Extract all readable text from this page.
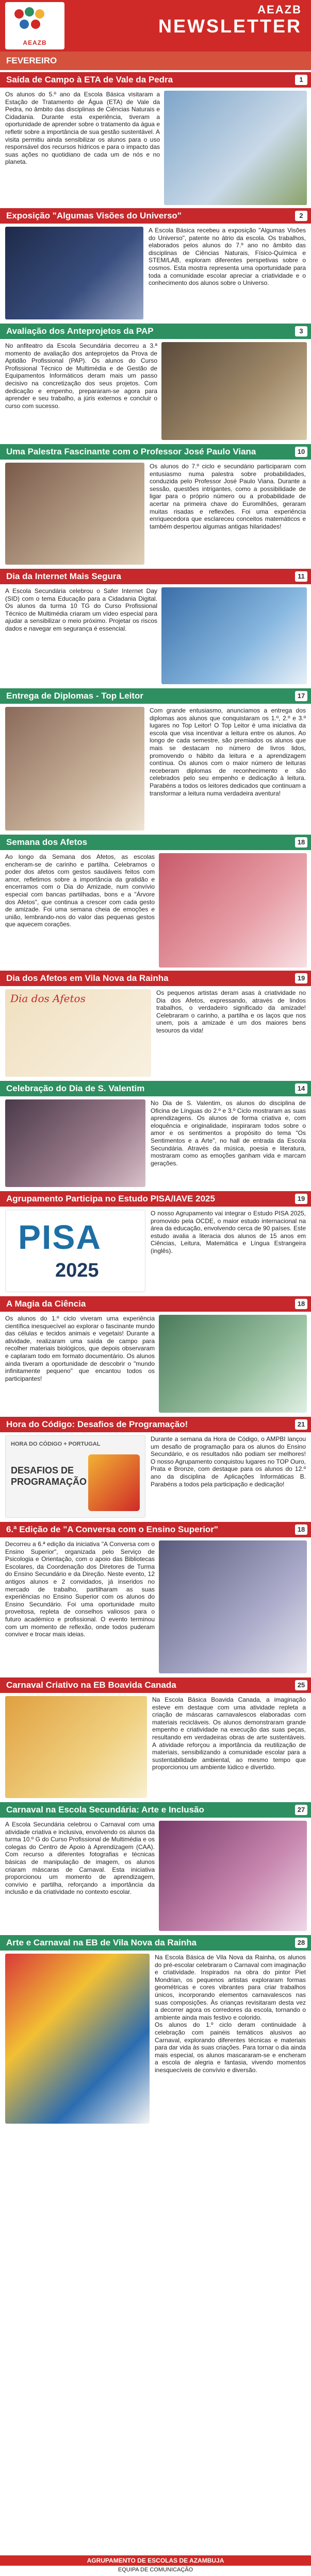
AEAZB
AEAZB
NEWSLETTER
FEVEREIRO
Saída de Campo à ETA de Vale da Pedra	1
Os alunos do 5.º ano da Escola Básica visitaram a Estação de Tratamento de Água (ETA) de Vale da Pedra, no âmbito das disciplinas de Ciências Naturais e Cidadania. Durante esta experiência, tiveram a oportunidade de aprender sobre o tratamento da água e refletir sobre a importância de sua gestão sustentável. A visita permitiu ainda sensibilizar os alunos para o uso responsável dos recursos hídricos e para o impacto das suas ações no quotidiano de cada um de nós e no planeta.
Exposição "Algumas Visões do Universo"	2
A Escola Básica recebeu a exposição "Algumas Visões do Universo", patente no átrio da escola. Os trabalhos, elaborados pelos alunos do 7.º ano no âmbito das disciplinas de Ciências Naturais, Físico-Química e STEM/LAB, exploram diferentes perspetivas sobre o cosmos. Esta mostra representa uma oportunidade para toda a comunidade escolar apreciar a criatividade e o conhecimento dos alunos sobre o Universo.
Avaliação dos Anteprojetos da PAP	3
No anfiteatro da Escola Secundária decorreu a 3.ª momento de avaliação dos anteprojetos da Prova de Aptidão Profissional (PAP). Os alunos do Curso Profissional Técnico de Multimédia e de Gestão de Equipamentos Informáticos deram mais um passo decisivo na concretização dos seus projetos. Com dedicação e empenho, prepararam-se agora para aprender e seu trabalho, a júris externos e concluir o curso com sucesso.
Uma Palestra Fascinante com o Professor José Paulo Viana	10
Os alunos do 7.º ciclo e secundário participaram com entusiasmo numa palestra sobre probabilidades, conduzida pelo Professor José Paulo Viana. Durante a sessão, questões intrigantes, como a possibilidade de ligar para o próprio número ou a probabilidade de acertar na primeira chave do Euromilhões, geraram muitas risadas e reflexões. Foi uma experiência enriquecedora que esclareceu conceitos matemáticos e também despertou algumas antigas hilaridades!
Dia da Internet Mais Segura	11
A Escola Secundária celebrou o Safer Internet Day (SID) com o tema Educação para a Cidadania Digital. Os alunos da turma 10 TG do Curso Profissional Técnico de Multimédia criaram um vídeo especial para ajudar a sensibilizar o meio próximo. Projetar os riscos dados e navegar em segurança é essencial.
Entrega de Diplomas - Top Leitor	17
Com grande entusiasmo, anunciamos a entrega dos diplomas aos alunos que conquistaram os 1.º, 2.º e 3.º lugares no Top Leitor! O Top Leitor é uma iniciativa da escola que visa incentivar a leitura entre os alunos. Ao longo de cada semestre, são premiados os alunos que mais se destacam no número de livros lidos, promovendo o hábito da leitura e a aprendizagem contínua. Os alunos com o maior número de leituras receberam diplomas de reconhecimento e são celebrados pelo seu empenho e dedicação à leitura. Parabéns a todos os leitores dedicados que continuam a transformar a leitura numa verdadeira aventura!
Semana dos Afetos	18
Ao longo da Semana dos Afetos, as escolas encheram-se de carinho e partilha. Celebramos o poder dos afetos com gestos saudáveis feitos com amor, refletimos sobre a importância da gratidão e encerramos com o Dia do Amizade, num convívio especial com bancas partilhadas, bons e a "Árvore dos Afetos", que continua a crescer com cada gesto de amizade. Foi uma semana cheia de emoções e união, lembrando-nos do valor das pequenas gestos que aquecem corações.
Dia dos Afetos em Vila Nova da Rainha	19
Dia dos Afetos	Os pequenos artistas deram asas à criatividade no Dia dos Afetos, expressando, através de lindos trabalhos, o verdadeiro significado da amizade! Celebraram o carinho, a partilha e os laços que nos unem, pois a amizade é um dos maiores bens tesouros da vida!
Celebração do Dia de S. Valentim	14
No Dia de S. Valentim, os alunos do disciplina de Oficina de Línguas do 2.º e 3.º Ciclo mostraram as suas aprendizagens. Os alunos de forma criativa e, com eloquência e originalidade, inspiraram todos sobre o amor e os sentimentos a propósito do tema "Os Sentimentos e a Arte", no hall de entrada da Escola Secundária. Através da música, poesia e literatura, mostraram como as emoções ganham vida e marcam gerações.
Agrupamento Participa no Estudo PISA/IAVE 2025	19
PISA
2025
O nosso Agrupamento vai integrar o Estudo PISA 2025, promovido pela OCDE, o maior estudo internacional na área da educação, envolvendo cerca de 90 países. Este estudo avalia a literacia dos alunos de 15 anos em Ciências, Leitura, Matemática e Língua Estrangeira (inglês).
A Magia da Ciência	18
Os alunos do 1.º ciclo viveram uma experiência científica inesquecível ao explorar o fascinante mundo das células e tecidos animais e vegetais! Durante a atividade, realizaram uma saída de campo para recolher materiais biológicos, que depois observaram e caplaram todo em formato documentário. Os alunos ainda tiveram a oportunidade de descobrir o "mundo infinitamente pequeno" que encantou todos os participantes!
Hora do Código: Desafios de Programação!	21
HORA DO CÓDIGO + PORTUGAL
DESAFIOS DE PROGRAMAÇÃO
Durante a semana da Hora de Código, o AMPBI lançou um desafio de programação para os alunos do Ensino Secundário, e os resultados não podiam ser melhores! O nosso Agrupamento conquistou lugares no TOP Ouro, Prata e Bronze, com destaque para os alunos do 12.º ano da disciplina de Aplicações Informáticas B. Parabéns a todos pela participação e dedicação!
6.ª Edição de "A Conversa com o Ensino Superior"	18
Decorreu a 6.ª edição da iniciativa "A Conversa com o Ensino Superior", organizada pelo Serviço de Psicologia e Orientação, com o apoio das Bibliotecas Escolares, da Coordenação dos Diretores de Turma do Ensino Secundário e da Direção. Neste evento, 12 antigos alunos e 2 convidados, já inseridos no mercado de trabalho, partilharam as suas experiências no Ensino Superior com os alunos do Ensino Secundário. Foi uma oportunidade muito proveitosa, repleta de conselhos valiosos para o futuro académico e profissional. O evento terminou com um momento de reflexão, onde todos puderam conviver e trocar mais ideias.
Carnaval Criativo na EB Boavida Canada	25
Na Escola Básica Boavida Canada, a imaginação esteve em destaque com uma atividade repleta a criação de máscaras carnavalescos elaboradas com materiais recicláveis. Os alunos demonstraram grande empenho e criatividade na execução das suas peças, resultando em verdadeiras obras de arte sustentáveis. A atividade reforçou a importância da reutilização de materiais, sensibilizando a comunidade escolar para a sustentabilidade ambiental, ao mesmo tempo que proporcionou um ambiente lúdico e divertido.
Carnaval na Escola Secundária: Arte e Inclusão	27
A Escola Secundária celebrou o Carnaval com uma atividade criativa e inclusiva, envolvendo os alunos da turma 10.º G do Curso Profissional de Multimédia e os colegas do Centro de Apoio à Aprendizagem (CAA). Com recurso a diferentes fotografias e técnicas básicas de manipulação de imagem, os alunos criaram máscaras de Carnaval. Esta iniciativa proporcionou um momento de aprendizagem, convívio e partilha, reforçando a importância da inclusão e da criatividade no contexto escolar.
Arte e Carnaval na EB de Vila Nova da Rainha	28
Na Escola Básica de Vila Nova da Rainha, os alunos do pré-escolar celebraram o Carnaval com imaginação e criatividade. Inspirados na obra do pintor Piet Mondrian, os pequenos artistas exploraram formas geométricas e cores vibrantes para criar trabalhos únicos, incorporando elementos carnavalescos nas suas composições. Às crianças revisitaram desta vez a decorrer agora os corredores da escola, tornando o ambiente ainda mais festivo e colorido.
Os alunos do 1.º ciclo deram continuidade à celebração com painéis temáticos alusivos ao Carnaval, explorando diferentes técnicas e materiais para dar vida às suas criações. Para tornar o dia ainda mais especial, os alunos mascararam-se e encheram a escola de alegria e fantasia, vivendo momentos inesquecíveis de convívio e diversão.
AGRUPAMENTO DE ESCOLAS DE AZAMBUJA
EQUIPA DE COMUNICAÇÃO
